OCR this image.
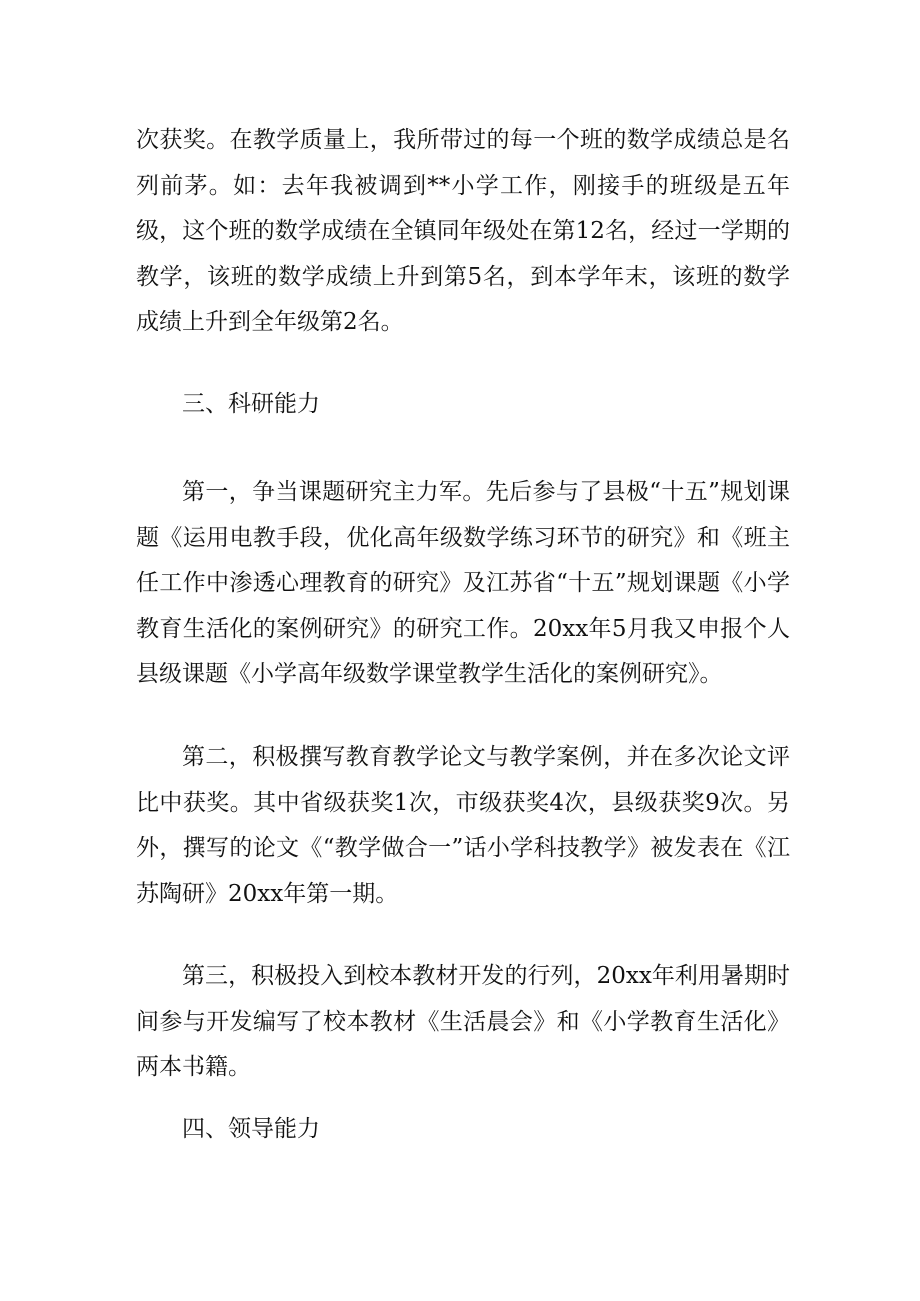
次获奖。在教学质量上，我所带过的每一个班的数学成绩总是名列前茅。如：去年我被调到**小学工作，刚接手的班级是五年级，这个班的数学成绩在全镇同年级处在第12名，经过一学期的教学，该班的数学成绩上升到第5名，到本学年末，该班的数学成绩上升到全年级第2名。

三、科研能力

第一，争当课题研究主力军。先后参与了县极“十五”规划课题《运用电教手段，优化高年级数学练习环节的研究》和《班主任工作中渗透心理教育的研究》及江苏省“十五”规划课题《小学教育生活化的案例研究》的研究工作。20xx年5月我又申报个人县级课题《小学高年级数学课堂教学生活化的案例研究》。

第二，积极撰写教育教学论文与教学案例，并在多次论文评比中获奖。其中省级获奖1次，市级获奖4次，县级获奖9次。另外，撰写的论文《“教学做合一”话小学科技教学》被发表在《江苏陶研》20xx年第一期。

第三，积极投入到校本教材开发的行列，20xx年利用暑期时间参与开发编写了校本教材《生活晨会》和《小学教育生活化》两本书籍。

四、领导能力
